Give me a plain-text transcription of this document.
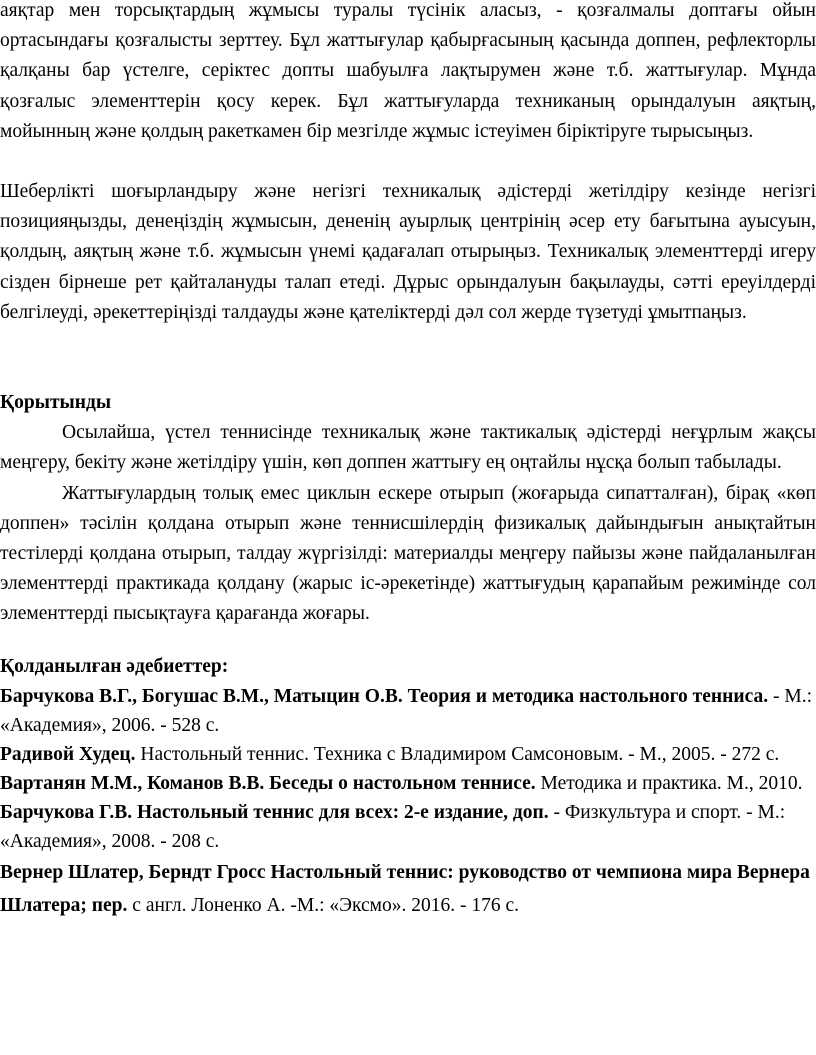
аяқтар мен торсықтардың жұмысы туралы түсінік аласыз, - қозғалмалы доптағы ойын ортасындағы қозғалысты зерттеу. Бұл жаттығулар қабырғасының қасында доппен, рефлекторлы қалқаны бар үстелге, серіктес допты шабуылға лақтырумен және т.б. жаттығулар. Мұнда қозғалыс элементтерін қосу керек. Бұл жаттығуларда техниканың орындалуын аяқтың, мойынның және қолдың ракеткамен бір мезгілде жұмыс істеуімен біріктіруге тырысыңыз.

Шеберлікті шоғырландыру және негізгі техникалық әдістерді жетілдіру кезінде негізгі позицияңызды, денеңіздің жұмысын, дененің ауырлық центрінің әсер ету бағытына ауысуын, қолдың, аяқтың және т.б. жұмысын үнемі қадағалап отырыңыз. Техникалық элементтерді игеру сізден бірнеше рет қайталануды талап етеді. Дұрыс орындалуын бақылауды, сәтті ереуілдерді белгілеуді, әрекеттеріңізді талдауды және қателіктерді дәл сол жерде түзетуді ұмытпаңыз.

Қорытынды

Осылайша, үстел теннисінде техникалық және тактикалық әдістерді неғұрлым жақсы меңгеру, бекіту және жетілдіру үшін, көп доппен жаттығу ең оңтайлы нұсқа болып табылады.

Жаттығулардың толық емес циклын ескере отырып (жоғарыда сипатталған), бірақ «көп доппен» тәсілін қолдана отырып және теннисшілердің физикалық дайындығын анықтайтын тестілерді қолдана отырып, талдау жүргізілді: материалды меңгеру пайызы және пайдаланылған элементтерді практикада қолдану (жарыс іс-әрекетінде) жаттығудың қарапайым режимінде сол элементтерді пысықтауға қарағанда жоғары.

Қолданылған әдебиеттер:

Барчукова В.Г., Богушас В.М., Матыцин О.В. Теория и методика настольного тенниса. - М.: «Академия», 2006. - 528 с.

Радивой Худец. Настольный теннис. Техника с Владимиром Самсоновым. - М., 2005. - 272 с.

Вартанян М.М., Команов В.В. Беседы о настольном теннисе. Методика и практика. М., 2010.

Барчукова Г.В. Настольный теннис для всех: 2-е издание, доп. - Физкультура и спорт. - М.: «Академия», 2008. - 208 с.

Вернер Шлатер, Берндт Гросс Настольный теннис: руководство от чемпиона мира Вернера Шлатера; пер. с англ. Лоненко А. -М.: «Эксмо». 2016. - 176 с.
